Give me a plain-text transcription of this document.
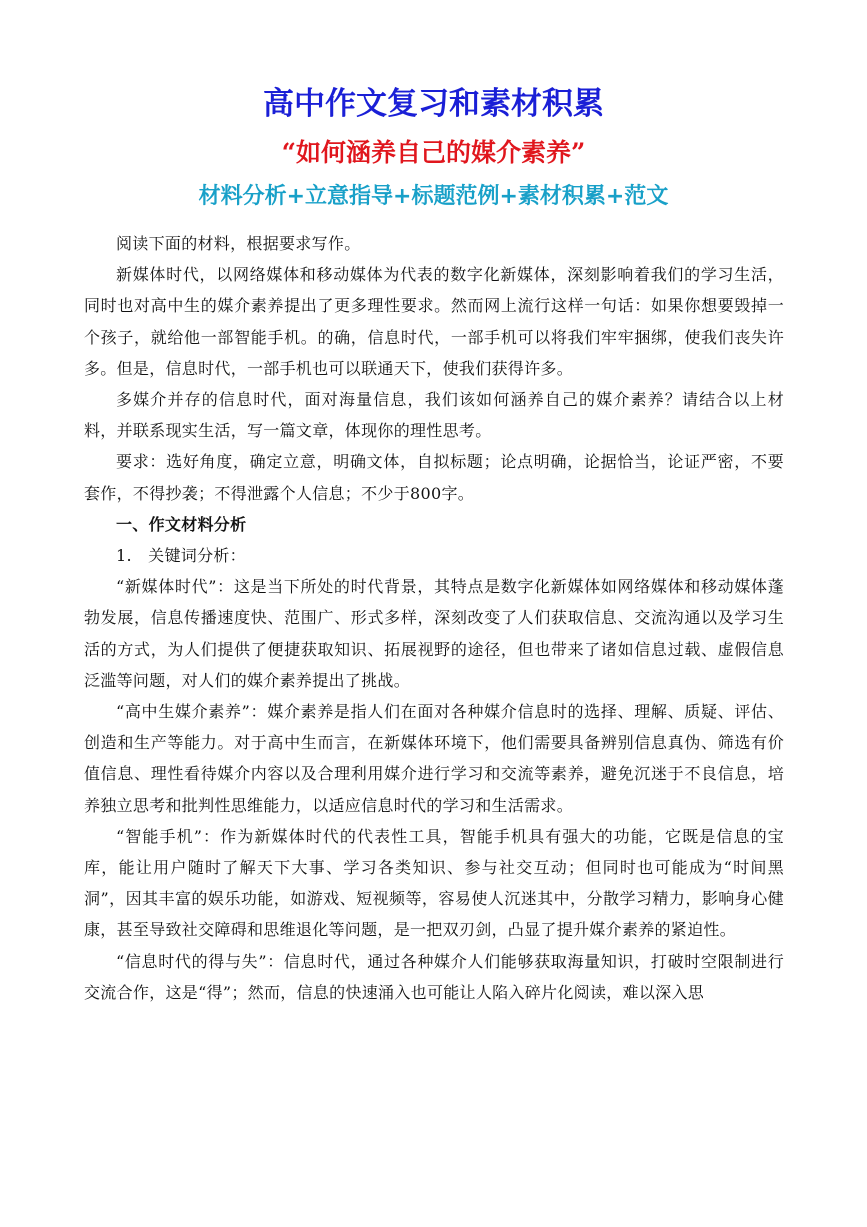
高中作文复习和素材积累
“如何涵养自己的媒介素养”
材料分析+立意指导+标题范例+素材积累+范文

阅读下面的材料，根据要求写作。

新媒体时代，以网络媒体和移动媒体为代表的数字化新媒体，深刻影响着我们的学习生活，同时也对高中生的媒介素养提出了更多理性要求。然而网上流行这样一句话：如果你想要毁掉一个孩子，就给他一部智能手机。的确，信息时代，一部手机可以将我们牢牢捆绑，使我们丧失许多。但是，信息时代，一部手机也可以联通天下，使我们获得许多。

多媒介并存的信息时代，面对海量信息，我们该如何涵养自己的媒介素养？请结合以上材料，并联系现实生活，写一篇文章，体现你的理性思考。

要求：选好角度，确定立意，明确文体，自拟标题；论点明确，论据恰当，论证严密，不要套作，不得抄袭；不得泄露个人信息；不少于800字。

一、作文材料分析

1.　关键词分析：

“新媒体时代”：这是当下所处的时代背景，其特点是数字化新媒体如网络媒体和移动媒体蓬勃发展，信息传播速度快、范围广、形式多样，深刻改变了人们获取信息、交流沟通以及学习生活的方式，为人们提供了便捷获取知识、拓展视野的途径，但也带来了诸如信息过载、虚假信息泛滥等问题，对人们的媒介素养提出了挑战。

“高中生媒介素养”：媒介素养是指人们在面对各种媒介信息时的选择、理解、质疑、评估、创造和生产等能力。对于高中生而言，在新媒体环境下，他们需要具备辨别信息真伪、筛选有价值信息、理性看待媒介内容以及合理利用媒介进行学习和交流等素养，避免沉迷于不良信息，培养独立思考和批判性思维能力，以适应信息时代的学习和生活需求。

“智能手机”：作为新媒体时代的代表性工具，智能手机具有强大的功能，它既是信息的宝库，能让用户随时了解天下大事、学习各类知识、参与社交互动；但同时也可能成为“时间黑洞”，因其丰富的娱乐功能，如游戏、短视频等，容易使人沉迷其中，分散学习精力，影响身心健康，甚至导致社交障碍和思维退化等问题，是一把双刃剑，凸显了提升媒介素养的紧迫性。

“信息时代的得与失”：信息时代，通过各种媒介人们能够获取海量知识，打破时空限制进行交流合作，这是“得”；然而，信息的快速涌入也可能让人陷入碎片化阅读，难以深入思
